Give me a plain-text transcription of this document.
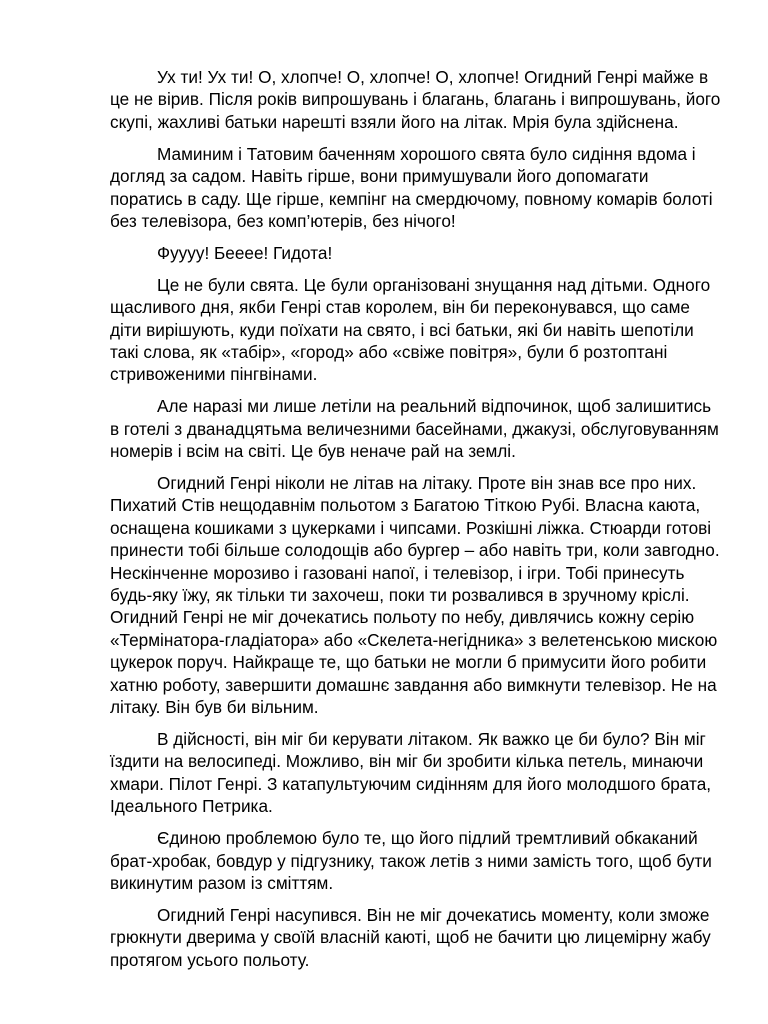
Ух ти! Ух ти! О, хлопче! О, хлопче! О, хлопче! Огидний Генрі майже в це не вірив. Після років випрошувань і благань, благань і випрошувань, його скупі, жахливі батьки нарешті взяли його на літак. Мрія була здійснена.

Маминим і Татовим баченням хорошого свята було сидіння вдома і догляд за садом. Навіть гірше, вони примушували його допомагати поратись в саду. Ще гірше, кемпінг на смердючому, повному комарів болоті без телевізора, без комп’ютерів, без нічого!

Фуууу! Бееее! Гидота!

Це не були свята. Це були організовані знущання над дітьми. Одного щасливого дня, якби Генрі став королем, він би переконувався, що саме діти вирішують, куди поїхати на свято, і всі батьки, які би навіть шепотіли такі слова, як «табір», «город» або «свіже повітря», були б розтоптані стривоженими пінгвінами.

Але наразі ми лише летіли на реальний відпочинок, щоб залишитись в готелі з дванадцятьма величезними басейнами, джакузі, обслуговуванням номерів і всім на світі. Це був неначе рай на землі.

Огидний Генрі ніколи не літав на літаку. Проте він знав все про них. Пихатий Стів нещодавнім польотом з Багатою Тіткою Рубі. Власна каюта, оснащена кошиками з цукерками і чипсами. Розкішні ліжка. Стюарди готові принести тобі більше солодощів або бургер – або навіть три, коли завгодно. Нескінченне морозиво і газовані напої, і телевізор, і ігри. Тобі принесуть будь-яку їжу, як тільки ти захочеш, поки ти розвалився в зручному кріслі. Огидний Генрі не міг дочекатись польоту по небу, дивлячись кожну серію «Термінатора-гладіатора» або «Скелета-негідника» з велетенською мискою цукерок поруч. Найкраще те, що батьки не могли б примусити його робити хатню роботу, завершити домашнє завдання або вимкнути телевізор. Не на літаку. Він був би вільним.

В дійсності, він міг би керувати літаком. Як важко це би було? Він міг їздити на велосипеді. Можливо, він міг би зробити кілька петель, минаючи хмари. Пілот Генрі. З катапультуючим сидінням для його молодшого брата, Ідеального Петрика.

Єдиною проблемою було те, що його підлий тремтливий обкаканий брат-хробак, бовдур у підгузнику, також летів з ними замість того, щоб бути викинутим разом із сміттям.

Огидний Генрі насупився. Він не міг дочекатись моменту, коли зможе грюкнути дверима у своїй власній каюті, щоб не бачити цю лицемірну жабу протягом усього польоту.
